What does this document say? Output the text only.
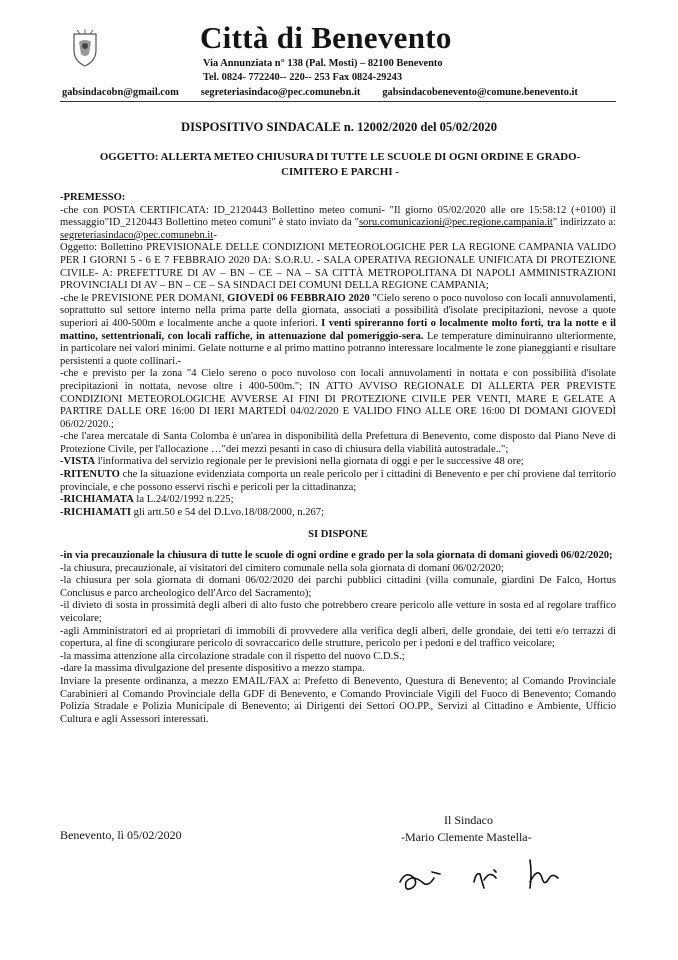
Città di Benevento
Via Annunziata n° 138 (Pal. Mosti) – 82100 Benevento
Tel. 0824- 772240-- 220-- 253 Fax 0824-29243
gabsindacobn@gmail.com segreteriasindaco@pec.comunebn.it gabsindacobenevento@comune.benevento.it
DISPOSITIVO SINDACALE n. 12002/2020 del 05/02/2020
OGGETTO: ALLERTA METEO CHIUSURA DI TUTTE LE SCUOLE DI OGNI ORDINE E GRADO-
CIMITERO E PARCHI -

-PREMESSO:

-che con POSTA CERTIFICATA: ID_2120443 Bollettino meteo comuni- "Il giorno 05/02/2020 alle ore 15:58:12 (+0100) il messaggio"ID_2120443 Bollettino meteo comuni" è stato inviato da "soru.comunicazioni@pec.regione.campania.it" indirizzato a: segreteriasindaco@pec.comunebn.it-

Oggetto: Bollettino PREVISIONALE DELLE CONDIZIONI METEOROLOGICHE PER LA REGIONE CAMPANIA VALIDO PER I GIORNI 5 - 6 E 7 FEBBRAIO 2020 DA: S.O.R.U. - SALA OPERATIVA REGIONALE UNIFICATA DI PROTEZIONE CIVILE- A: PREFETTURE DI AV – BN – CE – NA – SA CITTÀ METROPOLITANA DI NAPOLI AMMINISTRAZIONI PROVINCIALI DI AV – BN – CE – SA SINDACI DEI COMUNI DELLA REGIONE CAMPANIA;

-che le PREVISIONE PER DOMANI, GIOVEDÌ 06 FEBBRAIO 2020 "Cielo sereno o poco nuvoloso con locali annuvolamenti, soprattutto sul settore interno nella prima parte della giornata, associati a possibilità d'isolate precipitazioni, nevose a quote superiori ai 400-500m e localmente anche a quote inferiori. I venti spireranno forti o localmente molto forti, tra la notte e il mattino, settentrionali, con locali raffiche, in attenuazione dal pomeriggio-sera. Le temperature diminuiranno ulteriormente, in particolare nei valori minimi. Gelate notturne e al primo mattino potranno interessare localmente le zone pianeggianti e risultare persistenti a quote collinari.-

-che e previsto per la zona "4 Cielo sereno o poco nuvoloso con locali annuvolamenti in nottata e con possibilità d'isolate precipitazioni in nottata, nevose oltre i 400-500m."; IN ATTO AVVISO REGIONALE DI ALLERTA PER PREVISTE CONDIZIONI METEOROLOGICHE AVVERSE AI FINI DI PROTEZIONE CIVILE PER VENTI, MARE E GELATE A PARTIRE DALLE ORE 16:00 DI IERI MARTEDÌ 04/02/2020 E VALIDO FINO ALLE ORE 16:00 DI DOMANI GIOVEDÌ 06/02/2020.;

-che l'area mercatale di Santa Colomba è un'area in disponibilità della Prefettura di Benevento, come disposto dal Piano Neve di Protezione Civile, per l'allocazione …"dei mezzi pesanti in caso di chiusura della viabilità autostradale..";

-VISTA l'informativa del servizio regionale per le previsioni nella giornata di oggi e per le successive 48 ore;

-RITENUTO che la situazione evidenziata comporta un reale pericolo per i cittadini di Benevento e per chi proviene dal territorio provinciale, e che possono esservi rischi e pericoli per la cittadinanza;

-RICHIAMATA la L.24/02/1992 n.225;

-RICHIAMATI gli artt.50 e 54 del D.Lvo.18/08/2000, n.267;

SI DISPONE

-in via precauzionale la chiusura di tutte le scuole di ogni ordine e grado per la sola giornata di domani giovedì 06/02/2020;

-la chiusura, precauzionale, ai visitatori del cimitero comunale nella sola giornata di domani 06/02/2020;

-la chiusura per sola giornata di domani 06/02/2020 dei parchi pubblici cittadini (villa comunale, giardini De Falco, Hortus Conclusus e parco archeologico dell'Arco del Sacramento);

-il divieto di sosta in prossimità degli alberi di alto fusto che potrebbero creare pericolo alle vetture in sosta ed al regolare traffico veicolare;

-agli Amministratori ed ai proprietari di immobili di provvedere alla verifica degli alberi, delle grondaie, dei tetti e/o terrazzi di copertura, al fine di scongiurare pericolo di sovraccarico delle strutture, pericolo per i pedoni e del traffico veicolare;

-la massima attenzione alla circolazione stradale con il rispetto del nuovo C.D.S.;

-dare la massima divulgazione del presente dispositivo a mezzo stampa.

Inviare la presente ordinanza, a mezzo EMAIL/FAX a: Prefetto di Benevento, Questura di Benevento; al Comando Provinciale Carabinieri al Comando Provinciale della GDF di Benevento, e Comando Provinciale Vigili del Fuoco di Benevento; Comando Polizia Stradale e Polizia Municipale di Benevento; ai Dirigenti dei Settori OO.PP., Servizi al Cittadino e Ambiente, Ufficio Cultura e agli Assessori interessati.

Benevento, lì 05/02/2020
Il Sindaco
-Mario Clemente Mastella-
